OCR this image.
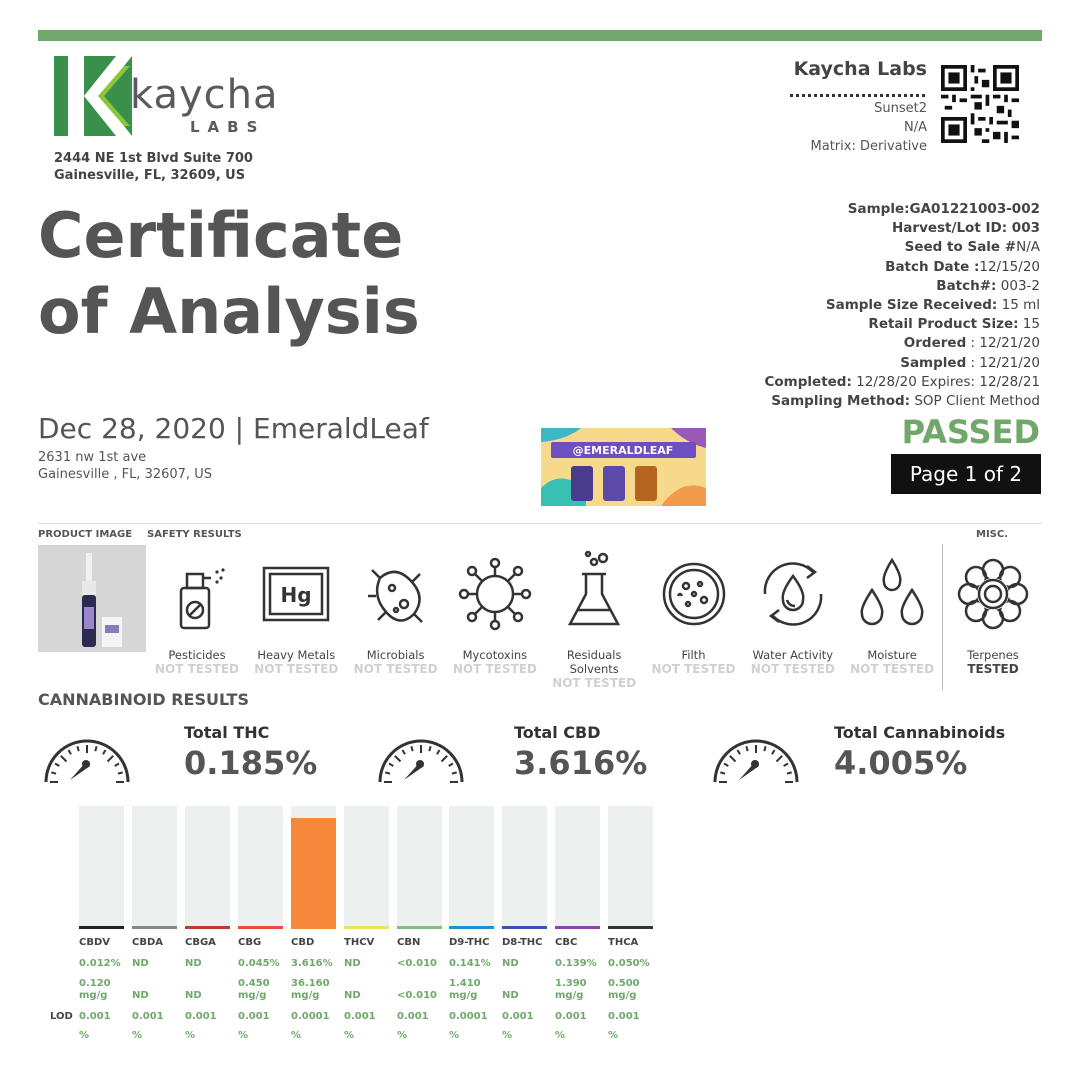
kaycha
LABS
2444 NE 1st Blvd Suite 700
Gainesville, FL, 32609, US
Certificate
of Analysis
Kaycha Labs
Sunset2
N/A
Matrix: Derivative
Sample:GA01221003-002
Harvest/Lot ID: 003
Seed to Sale #N/A
Batch Date :12/15/20
Batch#: 003-2
Sample Size Received: 15 ml
Retail Product Size: 15
Ordered : 12/21/20
Sampled : 12/21/20
Completed: 12/28/20 Expires: 12/28/21
Sampling Method: SOP Client Method
Dec 28, 2020 | EmeraldLeaf
2631 nw 1st ave
Gainesville , FL, 32607, US
@EMERALDLEAF	PASSED
Page 1 of 2
PRODUCT IMAGE SAFETY RESULTS	MISC.
Pesticides
NOT TESTED
Hg
Heavy Metals
NOT TESTED
Microbials
NOT TESTED
Mycotoxins
NOT TESTED
Residuals
Solvents
NOT TESTED
Filth
NOT TESTED
Water Activity
NOT TESTED
Moisture
NOT TESTED
Terpenes
TESTED
CANNABINOID RESULTS
Total THC
0.185%
Total CBD
3.616%
Total Cannabinoids
4.005%
CBDV
0.012%
0.120
mg/g
0.001
%
CBDA
ND
ND
0.001
%
CBGA
ND
ND
0.001
%
CBG
0.045%
0.450
mg/g
0.001
%
CBD
3.616%
36.160
mg/g
0.0001
%
THCV
ND
ND
0.001
%
CBN
<0.010
<0.010
0.001
%
D9-THC
0.141%
1.410
mg/g
0.0001
%
D8-THC
ND
ND
0.001
%
CBC
0.139%
1.390
mg/g
0.001
%
THCA
0.050%
0.500
mg/g
0.001
%
LOD
